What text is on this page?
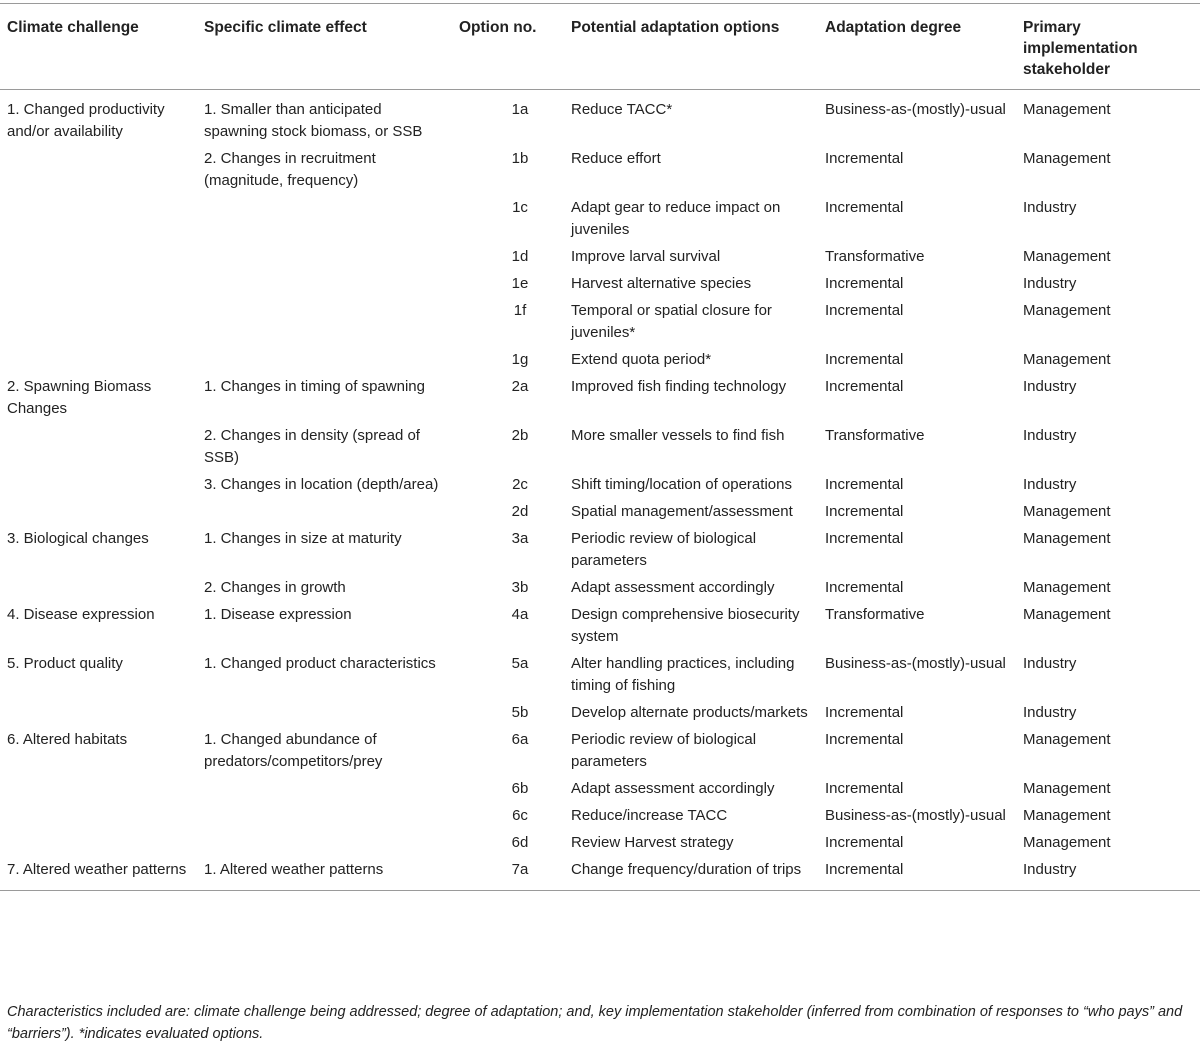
Climate challenge	Specific climate effect	Option no.	Potential adaptation options	Adaptation degree	Primary implementation stakeholder
1. Changed productivity and/or availability	1. Smaller than anticipated spawning stock biomass, or SSB	1a	Reduce TACC*	Business-as-(mostly)-usual	Management
	2. Changes in recruitment (magnitude, frequency)	1b	Reduce effort	Incremental	Management
		1c	Adapt gear to reduce impact on juveniles	Incremental	Industry
		1d	Improve larval survival	Transformative	Management
		1e	Harvest alternative species	Incremental	Industry
		1f	Temporal or spatial closure for juveniles*	Incremental	Management
		1g	Extend quota period*	Incremental	Management
2. Spawning Biomass Changes	1. Changes in timing of spawning	2a	Improved fish finding technology	Incremental	Industry
	2. Changes in density (spread of SSB)	2b	More smaller vessels to find fish	Transformative	Industry
	3. Changes in location (depth/area)	2c	Shift timing/location of operations	Incremental	Industry
		2d	Spatial management/assessment	Incremental	Management
3. Biological changes	1. Changes in size at maturity	3a	Periodic review of biological parameters	Incremental	Management
	2. Changes in growth	3b	Adapt assessment accordingly	Incremental	Management
4. Disease expression	1. Disease expression	4a	Design comprehensive biosecurity system	Transformative	Management
5. Product quality	1. Changed product characteristics	5a	Alter handling practices, including timing of fishing	Business-as-(mostly)-usual	Industry
		5b	Develop alternate products/markets	Incremental	Industry
6. Altered habitats	1. Changed abundance of predators/competitors/prey	6a	Periodic review of biological parameters	Incremental	Management
		6b	Adapt assessment accordingly	Incremental	Management
		6c	Reduce/increase TACC	Business-as-(mostly)-usual	Management
		6d	Review Harvest strategy	Incremental	Management
7. Altered weather patterns	1. Altered weather patterns	7a	Change frequency/duration of trips	Incremental	Industry
Characteristics included are: climate challenge being addressed; degree of adaptation; and, key implementation stakeholder (inferred from combination of responses to “who pays” and “barriers”). *indicates evaluated options.
